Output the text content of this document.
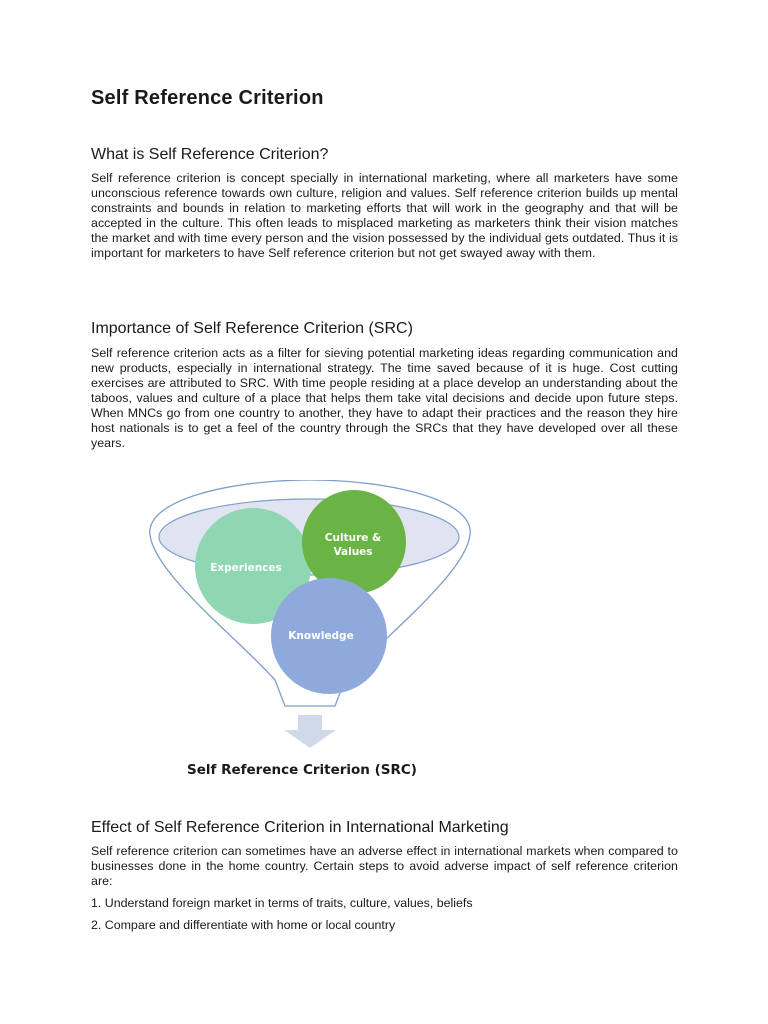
Self Reference Criterion
What is Self Reference Criterion?

Self reference criterion is concept specially in international marketing, where all marketers have some unconscious reference towards own culture, religion and values. Self reference criterion builds up mental constraints and bounds in relation to marketing efforts that will work in the geography and that will be accepted in the culture. This often leads to misplaced marketing as marketers think their vision matches the market and with time every person and the vision possessed by the individual gets outdated. Thus it is important for marketers to have Self reference criterion but not get swayed away with them.

Importance of Self Reference Criterion (SRC)

Self reference criterion acts as a filter for sieving potential marketing ideas regarding communication and new products, especially in international strategy. The time saved because of it is huge. Cost cutting exercises are attributed to SRC. With time people residing at a place develop an understanding about the taboos, values and culture of a place that helps them take vital decisions and decide upon future steps. When MNCs go from one country to another, they have to adapt their practices and the reason they hire host nationals is to get a feel of the country through the SRCs that they have developed over all these years.

Effect of Self Reference Criterion in International Marketing

Self reference criterion can sometimes have an adverse effect in international markets when compared to businesses done in the home country. Certain steps to avoid adverse impact of self reference criterion are:

1. Understand foreign market in terms of traits, culture, values, beliefs

2. Compare and differentiate with home or local country

Experiences
Culture &
Values
Knowledge

Self Reference Criterion (SRC)
